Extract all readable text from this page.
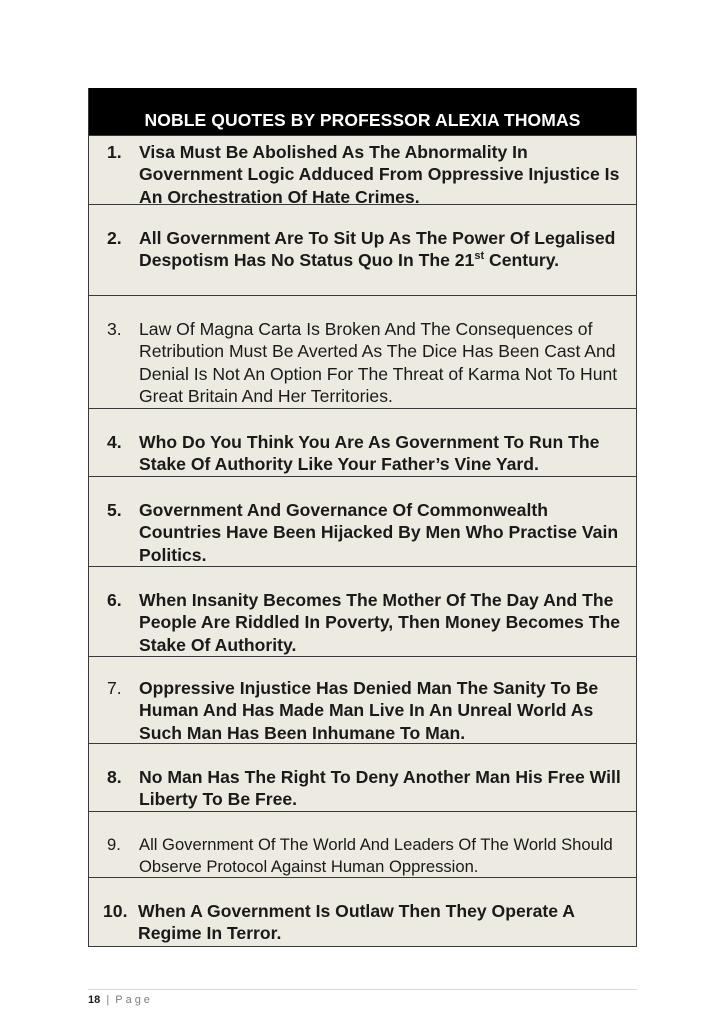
NOBLE QUOTES BY PROFESSOR ALEXIA THOMAS
1. Visa Must Be Abolished As The Abnormality In Government Logic Adduced From Oppressive Injustice Is An Orchestration Of Hate Crimes.
2. All Government Are To Sit Up As The Power Of Legalised Despotism Has No Status Quo In The 21st Century.
3. Law Of Magna Carta Is Broken And The Consequences of Retribution Must Be Averted As The Dice Has Been Cast And Denial Is Not An Option For The Threat of Karma Not To Hunt Great Britain And Her Territories.
4. Who Do You Think You Are As Government To Run The Stake Of Authority Like Your Father’s Vine Yard.
5. Government And Governance Of Commonwealth Countries Have Been Hijacked By Men Who Practise Vain Politics.
6. When Insanity Becomes The Mother Of The Day And The People Are Riddled In Poverty, Then Money Becomes The Stake Of Authority.
7. Oppressive Injustice Has Denied Man The Sanity To Be Human And Has Made Man Live In An Unreal World As Such Man Has Been Inhumane To Man.
8. No Man Has The Right To Deny Another Man His Free Will Liberty To Be Free.
9.	All Government Of The World And Leaders Of The World Should Observe Protocol Against Human Oppression.
10. When A Government Is Outlaw Then They Operate A Regime In Terror.
18 | Page
